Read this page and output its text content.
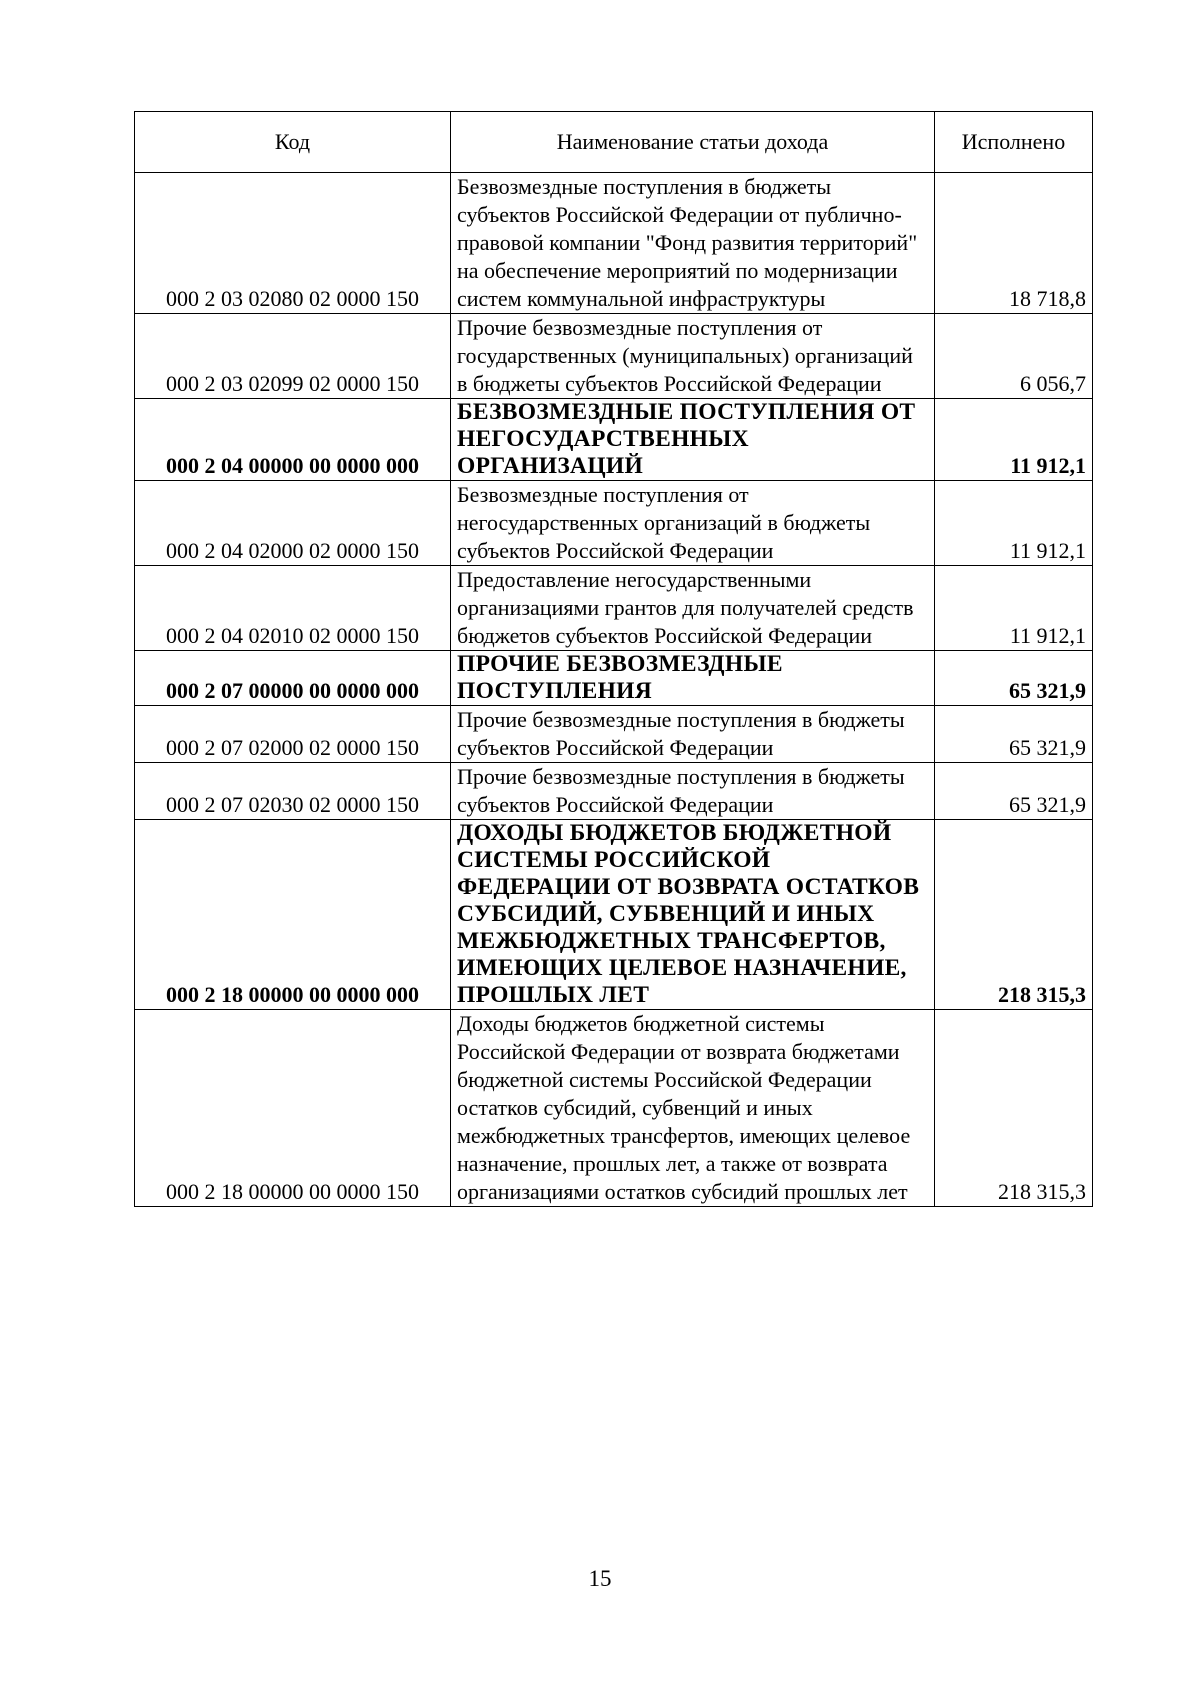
Код	Наименование статьи дохода	Исполнено
000 2 03 02080 02 0000 150	Безвозмездные поступления в бюджеты субъектов Российской Федерации от публично-правовой компании "Фонд развития территорий" на обеспечение мероприятий по модернизации систем коммунальной инфраструктуры	18 718,8
000 2 03 02099 02 0000 150	Прочие безвозмездные поступления от государственных (муниципальных) организаций в бюджеты субъектов Российской Федерации	6 056,7
000 2 04 00000 00 0000 000	БЕЗВОЗМЕЗДНЫЕ ПОСТУПЛЕНИЯ ОТ НЕГОСУДАРСТВЕННЫХ ОРГАНИЗАЦИЙ	11 912,1
000 2 04 02000 02 0000 150	Безвозмездные поступления от негосударственных организаций в бюджеты субъектов Российской Федерации	11 912,1
000 2 04 02010 02 0000 150	Предоставление негосударственными организациями грантов для получателей средств бюджетов субъектов Российской Федерации	11 912,1
000 2 07 00000 00 0000 000	ПРОЧИЕ БЕЗВОЗМЕЗДНЫЕ ПОСТУПЛЕНИЯ	65 321,9
000 2 07 02000 02 0000 150	Прочие безвозмездные поступления в бюджеты субъектов Российской Федерации	65 321,9
000 2 07 02030 02 0000 150	Прочие безвозмездные поступления в бюджеты субъектов Российской Федерации	65 321,9
000 2 18 00000 00 0000 000	ДОХОДЫ БЮДЖЕТОВ БЮДЖЕТНОЙ СИСТЕМЫ РОССИЙСКОЙ ФЕДЕРАЦИИ ОТ ВОЗВРАТА ОСТАТКОВ СУБСИДИЙ, СУБВЕНЦИЙ И ИНЫХ МЕЖБЮДЖЕТНЫХ ТРАНСФЕРТОВ, ИМЕЮЩИХ ЦЕЛЕВОЕ НАЗНАЧЕНИЕ, ПРОШЛЫХ ЛЕТ	218 315,3
000 2 18 00000 00 0000 150	Доходы бюджетов бюджетной системы Российской Федерации от возврата бюджетами бюджетной системы Российской Федерации остатков субсидий, субвенций и иных межбюджетных трансфертов, имеющих целевое назначение, прошлых лет, а также от возврата организациями остатков субсидий прошлых лет	218 315,3
15
